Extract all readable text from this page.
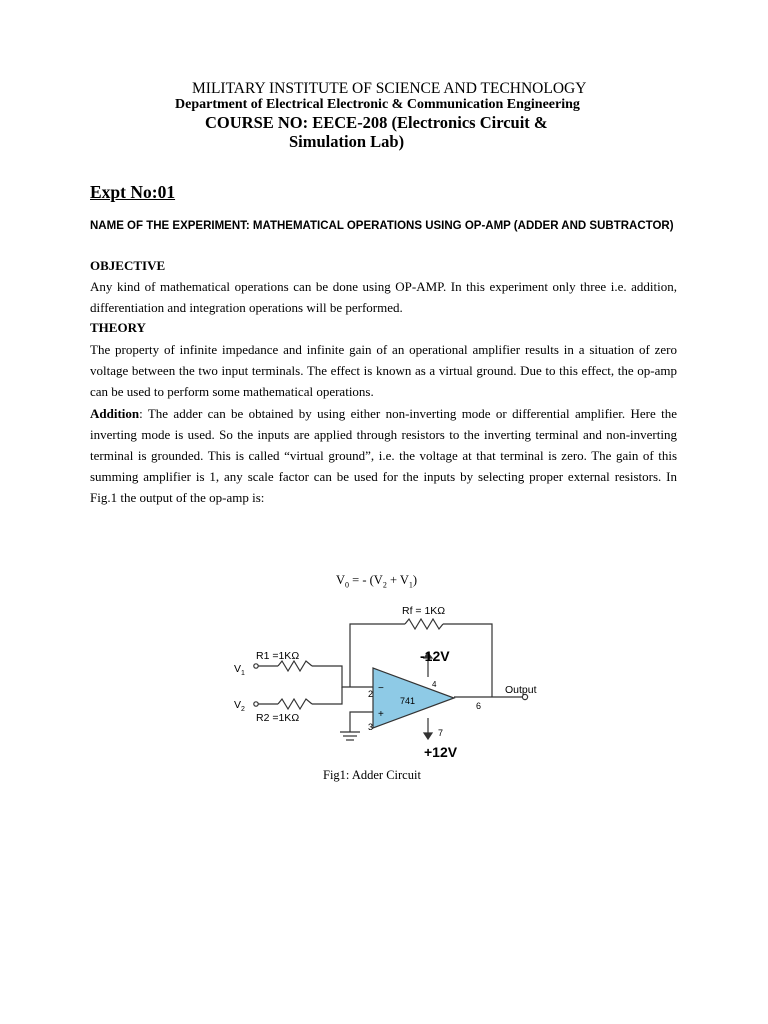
MILITARY INSTITUTE OF SCIENCE AND TECHNOLOGY
Department of Electrical Electronic & Communication Engineering
COURSE NO: EECE-208 (Electronics Circuit &
Simulation Lab)
Expt No:01
NAME OF THE EXPERIMENT: MATHEMATICAL OPERATIONS USING OP-AMP (ADDER AND SUBTRACTOR)
OBJECTIVE
Any kind of mathematical operations can be done using OP-AMP. In this experiment only three i.e. addition, differentiation and integration operations will be performed.
THEORY
The property of infinite impedance and infinite gain of an operational amplifier results in a situation of zero voltage between the two input terminals. The effect is known as a virtual ground. Due to this effect, the op-amp can be used to perform some mathematical operations.
Addition: The adder can be obtained by using either non-inverting mode or differential amplifier. Here the inverting mode is used. So the inputs are applied through resistors to the inverting terminal and non-inverting terminal is grounded. This is called “virtual ground”, i.e. the voltage at that terminal is zero. The gain of this summing amplifier is 1, any scale factor can be used for the inputs by selecting proper external resistors. In Fig.1 the output of the op-amp is:
$V_0$ = - $(V_2 + V_1)$
Rf = 1KΩ
R1 =1KΩ
R2 =1KΩ
$V_1$
$V_2$
-12V
+12V
741
2
3
4
6
7
−
+
Output
Fig1: Adder Circuit
